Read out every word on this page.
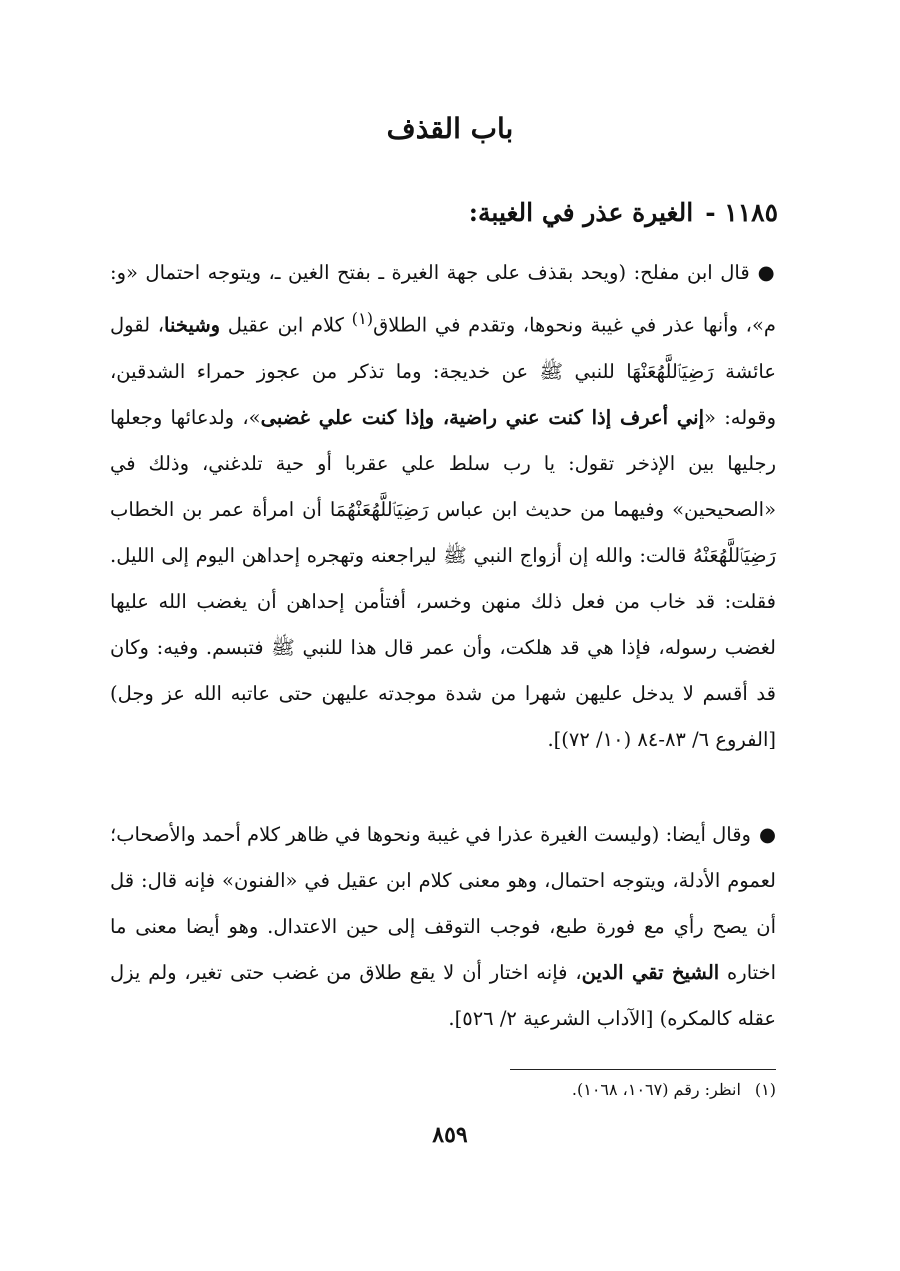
باب القذف
١١٨٥ -الغيرة عذر في الغيبة:
●قال ابن مفلح: (ويحد بقذف على جهة الغيرة ـ بفتح الغين ـ، ويتوجه احتمال «و: م»، وأنها عذر في غيبة ونحوها، وتقدم في الطلاق$^{(١)}$ كلام ابن عقيل وشيخنا، لقول عائشة رَضِيَٱللَّهُعَنْهَا للنبي ﷺ عن خديجة: وما تذكر من عجوز حمراء الشدقين، وقوله: «إني أعرف إذا كنت عني راضية، وإذا كنت علي غضبى»، ولدعائها وجعلها رجليها بين الإذخر تقول: يا رب سلط علي عقربا أو حية تلدغني، وذلك في «الصحيحين» وفيهما من حديث ابن عباس رَضِيَٱللَّهُعَنْهُمَا أن امرأة عمر بن الخطاب رَضِيَٱللَّهُعَنْهُ قالت: والله إن أزواج النبي ﷺ ليراجعنه وتهجره إحداهن اليوم إلى الليل. فقلت: قد خاب من فعل ذلك منهن وخسر، أفتأمن إحداهن أن يغضب الله عليها لغضب رسوله، فإذا هي قد هلكت، وأن عمر قال هذا للنبي ﷺ فتبسم. وفيه: وكان قد أقسم لا يدخل عليهن شهرا من شدة موجدته عليهن حتى عاتبه الله عز وجل) [الفروع ٦/ ٨٣-٨٤ (١٠/ ٧٢)].
●وقال أيضا: (وليست الغيرة عذرا في غيبة ونحوها في ظاهر كلام أحمد والأصحاب؛ لعموم الأدلة، ويتوجه احتمال، وهو معنى كلام ابن عقيل في «الفنون» فإنه قال: قل أن يصح رأي مع فورة طبع، فوجب التوقف إلى حين الاعتدال. وهو أيضا معنى ما اختاره الشيخ تقي الدين، فإنه اختار أن لا يقع طلاق من غضب حتى تغير، ولم يزل عقله كالمكره) [الآداب الشرعية ٢/ ٥٢٦].
(١)انظر: رقم (١٠٦٧، ١٠٦٨).
٨٥٩
